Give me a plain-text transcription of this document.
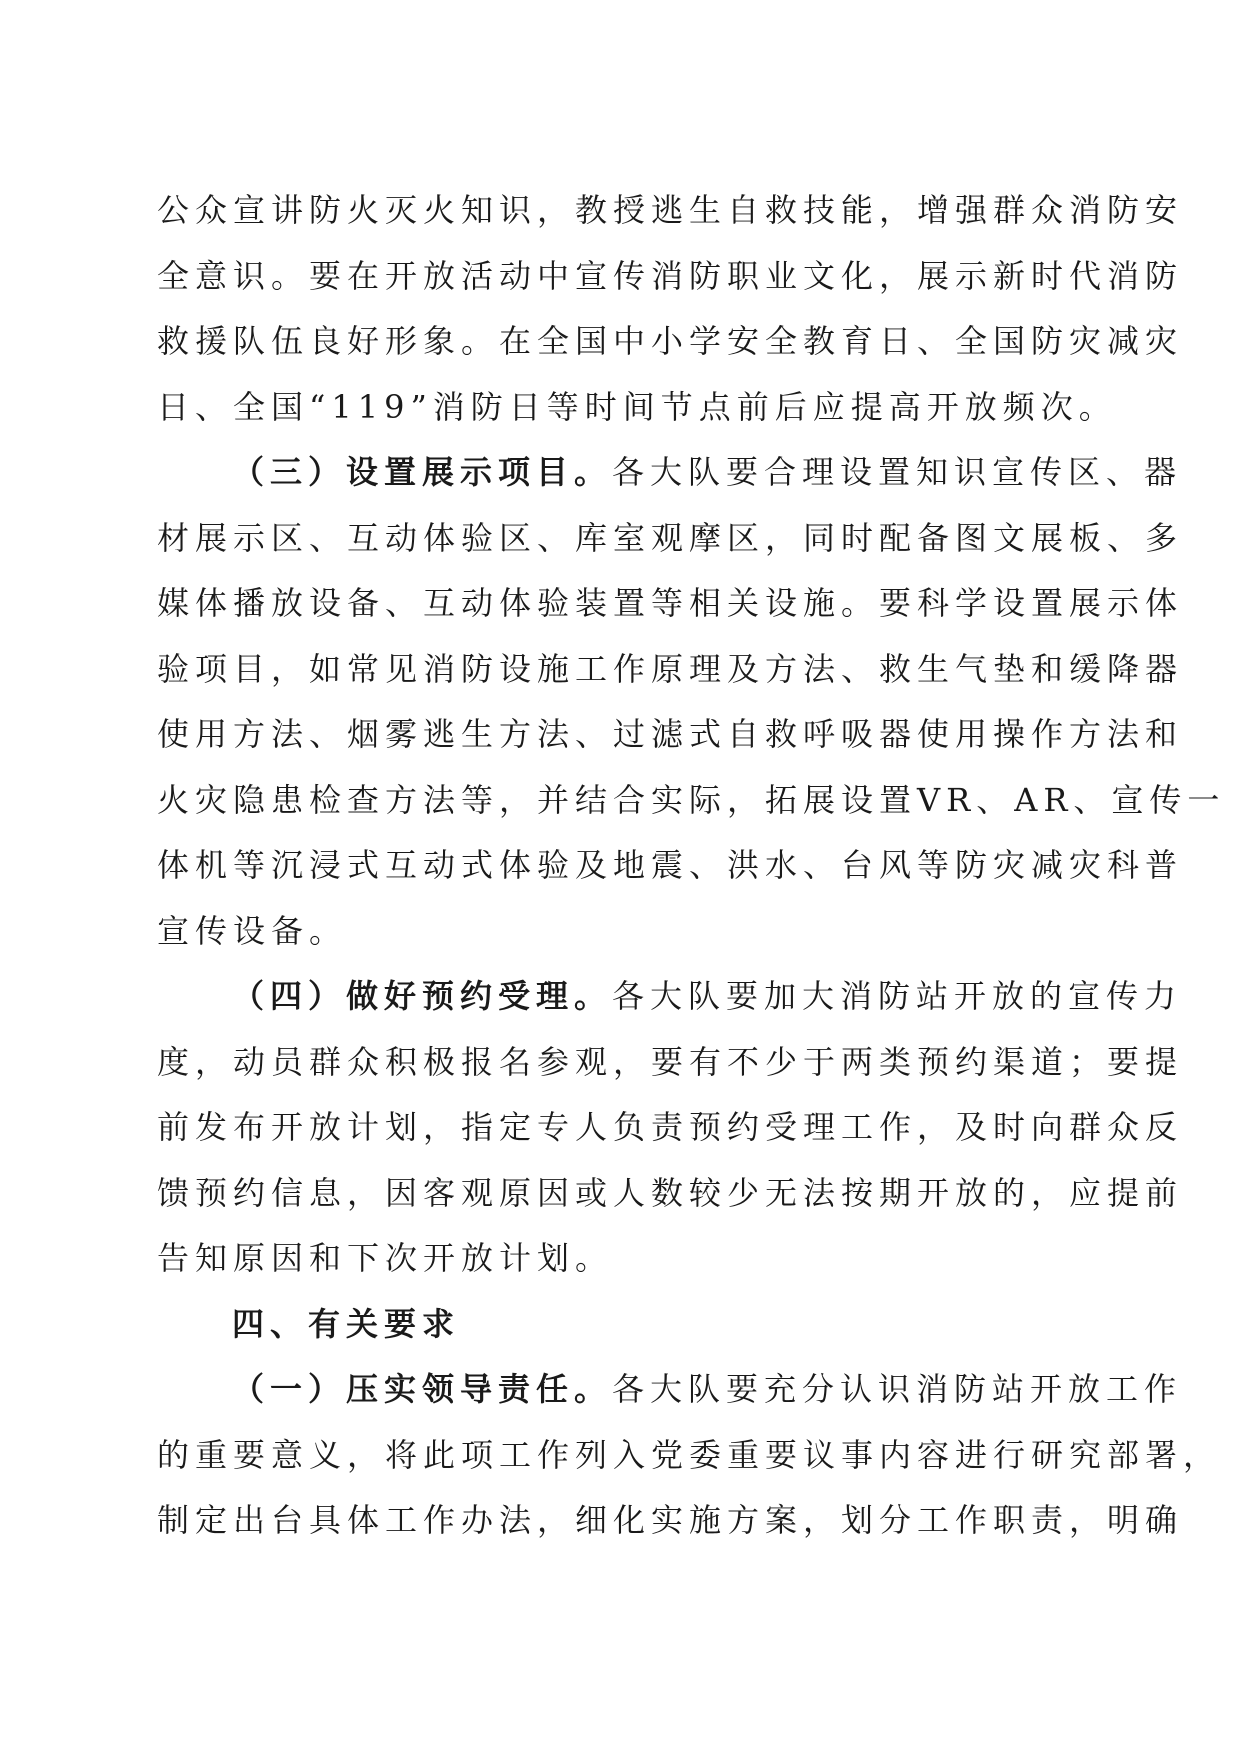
公众宣讲防火灭火知识，教授逃生自救技能，增强群众消防安
全意识。要在开放活动中宣传消防职业文化，展示新时代消防
救援队伍良好形象。在全国中小学安全教育日、全国防灾减灾
日、全国“119”消防日等时间节点前后应提高开放频次。
（三）设置展示项目。各大队要合理设置知识宣传区、器
材展示区、互动体验区、库室观摩区，同时配备图文展板、多
媒体播放设备、互动体验装置等相关设施。要科学设置展示体
验项目，如常见消防设施工作原理及方法、救生气垫和缓降器
使用方法、烟雾逃生方法、过滤式自救呼吸器使用操作方法和
火灾隐患检查方法等，并结合实际，拓展设置VR、AR、宣传一
体机等沉浸式互动式体验及地震、洪水、台风等防灾减灾科普
宣传设备。
（四）做好预约受理。各大队要加大消防站开放的宣传力
度，动员群众积极报名参观，要有不少于两类预约渠道；要提
前发布开放计划，指定专人负责预约受理工作，及时向群众反
馈预约信息，因客观原因或人数较少无法按期开放的，应提前
告知原因和下次开放计划。
四、有关要求
（一）压实领导责任。各大队要充分认识消防站开放工作
的重要意义，将此项工作列入党委重要议事内容进行研究部署，
制定出台具体工作办法，细化实施方案，划分工作职责，明确
